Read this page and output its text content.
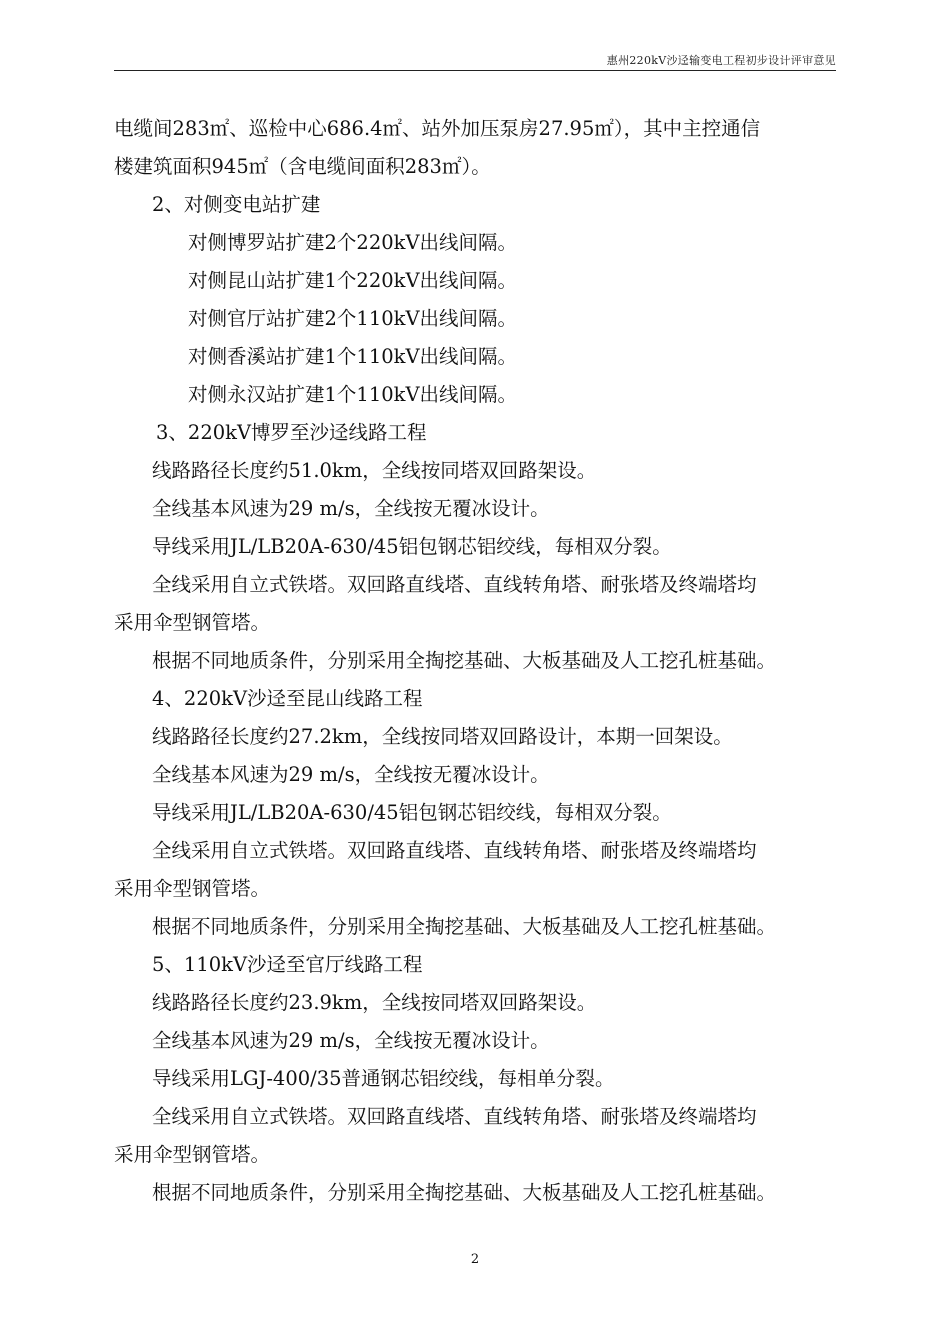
惠州220kV沙迳输变电工程初步设计评审意见
电缆间283㎡、巡检中心686.4㎡、站外加压泵房27.95㎡），其中主控通信
楼建筑面积945㎡（含电缆间面积283㎡）。
2、对侧变电站扩建
对侧博罗站扩建2个220kV出线间隔。
对侧昆山站扩建1个220kV出线间隔。
对侧官厅站扩建2个110kV出线间隔。
对侧香溪站扩建1个110kV出线间隔。
对侧永汉站扩建1个110kV出线间隔。
3、220kV博罗至沙迳线路工程
线路路径长度约51.0km，全线按同塔双回路架设。
全线基本风速为29 m/s，全线按无覆冰设计。
导线采用JL/LB20A-630/45铝包钢芯铝绞线，每相双分裂。
全线采用自立式铁塔。双回路直线塔、直线转角塔、耐张塔及终端塔均
采用伞型钢管塔。
根据不同地质条件，分别采用全掏挖基础、大板基础及人工挖孔桩基础。
4、220kV沙迳至昆山线路工程
线路路径长度约27.2km，全线按同塔双回路设计，本期一回架设。
全线基本风速为29 m/s，全线按无覆冰设计。
导线采用JL/LB20A-630/45铝包钢芯铝绞线，每相双分裂。
全线采用自立式铁塔。双回路直线塔、直线转角塔、耐张塔及终端塔均
采用伞型钢管塔。
根据不同地质条件，分别采用全掏挖基础、大板基础及人工挖孔桩基础。
5、110kV沙迳至官厅线路工程
线路路径长度约23.9km，全线按同塔双回路架设。
全线基本风速为29 m/s，全线按无覆冰设计。
导线采用LGJ-400/35普通钢芯铝绞线，每相单分裂。
全线采用自立式铁塔。双回路直线塔、直线转角塔、耐张塔及终端塔均
采用伞型钢管塔。
根据不同地质条件，分别采用全掏挖基础、大板基础及人工挖孔桩基础。
2
